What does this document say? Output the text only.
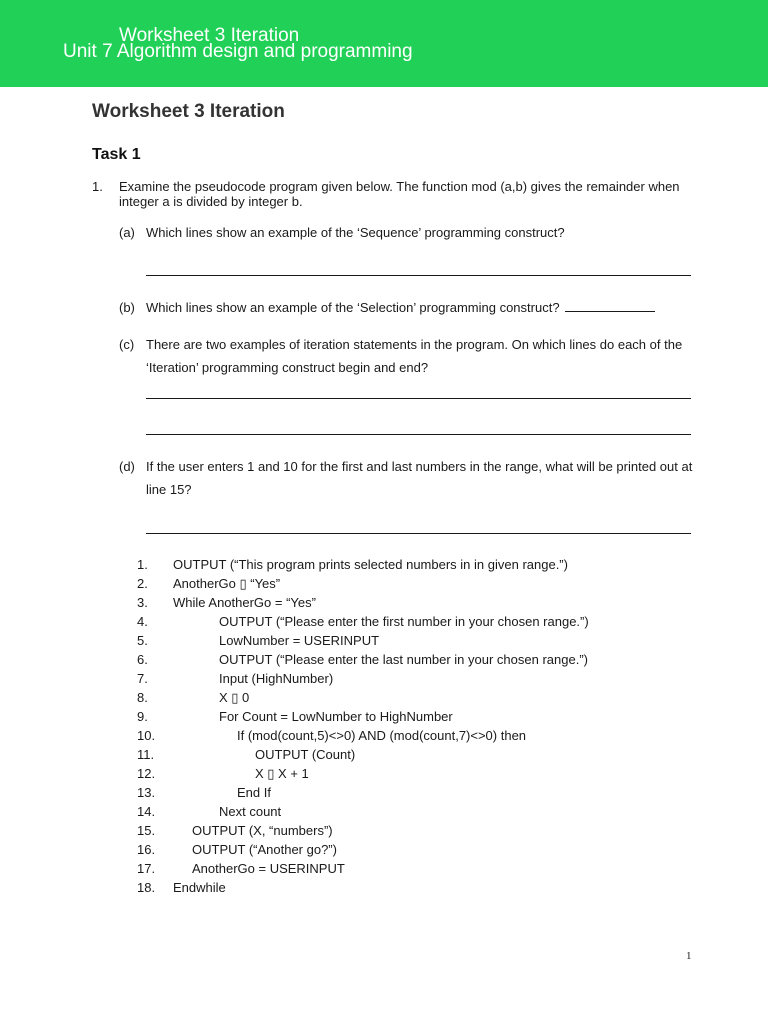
Worksheet 3 Iteration
Unit 7 Algorithm design and programming
Worksheet 3 Iteration
Task 1
1. Examine the pseudocode program given below. The function mod (a,b) gives the remainder when integer a is divided by integer b.
(a) Which lines show an example of the ‘Sequence’ programming construct?
(b) Which lines show an example of the ‘Selection’ programming construct?
(c) There are two examples of iteration statements in the program. On which lines do each of the ‘Iteration’ programming construct begin and end?
(d) If the user enters 1 and 10 for the first and last numbers in the range, what will be printed out at line 15?
1.	OUTPUT (“This program prints selected numbers in in given range.”)
2.	AnotherGo ▯ “Yes”
3.	While AnotherGo = “Yes”
4.	OUTPUT (“Please enter the first number in your chosen range.”)
5.	LowNumber = USERINPUT
6.	OUTPUT (“Please enter the last number in your chosen range.”)
7.	Input (HighNumber)
8.	X ▯ 0
9.	For Count = LowNumber to HighNumber
10.	If (mod(count,5)<>0) AND (mod(count,7)<>0) then
11.	OUTPUT (Count)
12.	X ▯ X + 1
13.	End If
14.	Next count
15.	OUTPUT (X, “numbers”)
16.	OUTPUT (“Another go?”)
17.	AnotherGo = USERINPUT
18.	Endwhile
1
